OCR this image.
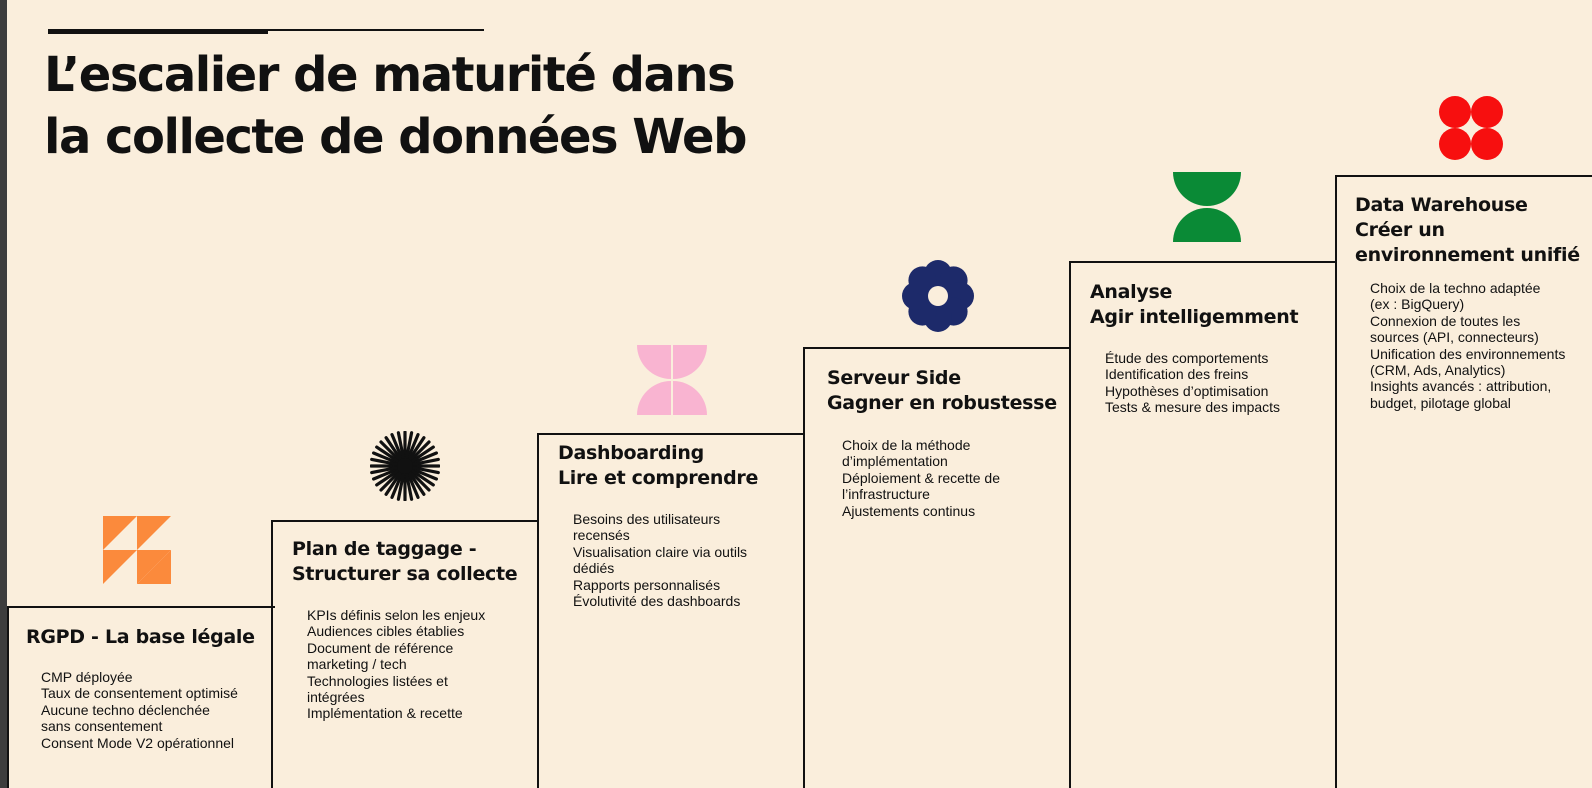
L’escalier de maturité dans
la collecte de données Web
RGPD - La base légale
CMP déployée
Taux de consentement optimisé
Aucune techno déclenchée
sans consentement
Consent Mode V2 opérationnel
Plan de taggage -
Structurer sa collecte
KPIs définis selon les enjeux
Audiences cibles établies
Document de référence
marketing / tech
Technologies listées et
intégrées
Implémentation & recette
Dashboarding
Lire et comprendre
Besoins des utilisateurs
recensés
Visualisation claire via outils
dédiés
Rapports personnalisés
Évolutivité des dashboards
Serveur Side
Gagner en robustesse
Choix de la méthode
d’implémentation
Déploiement & recette de
l’infrastructure
Ajustements continus
Analyse
Agir intelligemment
Étude des comportements
Identification des freins
Hypothèses d’optimisation
Tests & mesure des impacts
Data Warehouse
Créer un
environnement unifié
Choix de la techno adaptée
(ex : BigQuery)
Connexion de toutes les
sources (API, connecteurs)
Unification des environnements
(CRM, Ads, Analytics)
Insights avancés : attribution,
budget, pilotage global
